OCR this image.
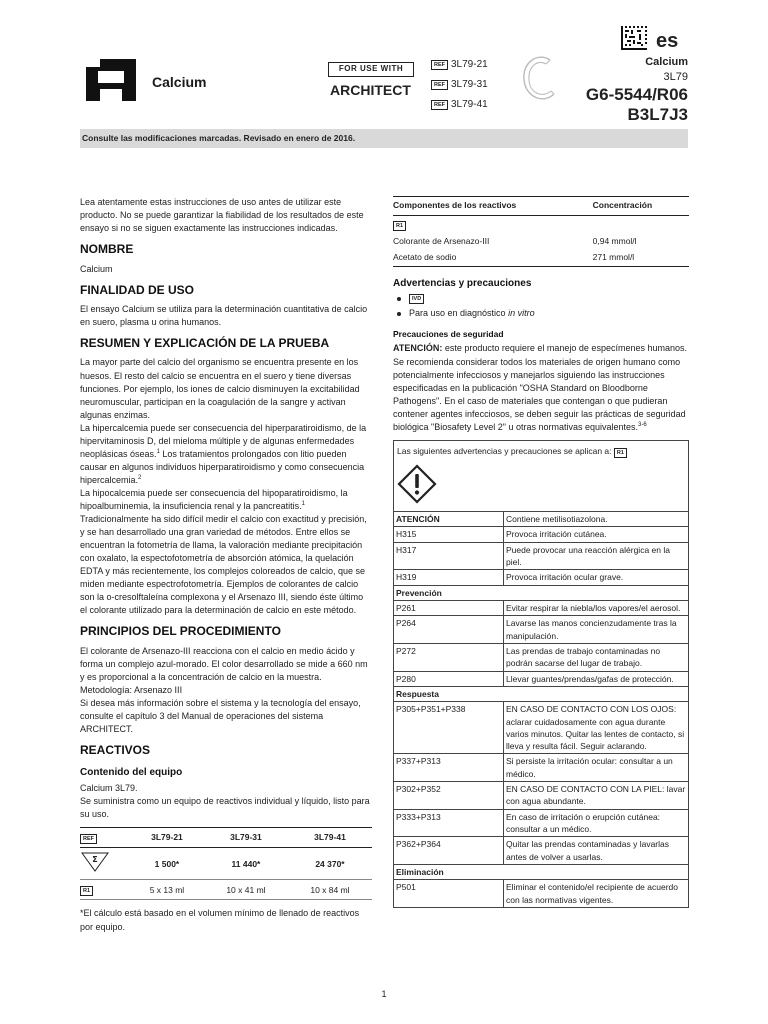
Calcium
FOR USE WITH
ARCHITECT
REF 3L79-21
REF 3L79-31
REF 3L79-41
es
Calcium
3L79
G6-5544/R06
B3L7J3
Consulte las modificaciones marcadas. Revisado en enero de 2016.

Lea atentamente estas instrucciones de uso antes de utilizar este producto. No se puede garantizar la fiabilidad de los resultados de este ensayo si no se siguen exactamente las instrucciones indicadas.

NOMBRE

Calcium

FINALIDAD DE USO

El ensayo Calcium se utiliza para la determinación cuantitativa de calcio en suero, plasma u orina humanos.

RESUMEN Y EXPLICACIÓN DE LA PRUEBA

La mayor parte del calcio del organismo se encuentra presente en los huesos. El resto del calcio se encuentra en el suero y tiene diversas funciones. Por ejemplo, los iones de calcio disminuyen la excitabilidad neuromuscular, participan en la coagulación de la sangre y activan algunas enzimas.

La hipercalcemia puede ser consecuencia del hiperparatiroidismo, de la hipervitaminosis D, del mieloma múltiple y de algunas enfermedades neoplásicas óseas.$^1$ Los tratamientos prolongados con litio pueden causar en algunos individuos hiperparatiroidismo y como consecuencia hipercalcemia.$^2$

La hipocalcemia puede ser consecuencia del hipoparatiroidismo, la hipoalbuminemia, la insuficiencia renal y la pancreatitis.$^1$

Tradicionalmente ha sido difícil medir el calcio con exactitud y precisión, y se han desarrollado una gran variedad de métodos. Entre ellos se encuentran la fotometría de llama, la valoración mediante precipitación con oxalato, la espectofotometría de absorción atómica, la quelación EDTA y más recientemente, los complejos coloreados de calcio, que se miden mediante espectrofotometría. Ejemplos de colorantes de calcio son la o-cresolftaleína complexona y el Arsenazo III, siendo éste último el colorante utilizado para la determinación de calcio en este método.

PRINCIPIOS DEL PROCEDIMIENTO

El colorante de Arsenazo-III reacciona con el calcio en medio ácido y forma un complejo azul-morado. El color desarrollado se mide a 660 nm y es proporcional a la concentración de calcio en la muestra.

Metodología: Arsenazo III

Si desea más información sobre el sistema y la tecnología del ensayo, consulte el capítulo 3 del Manual de operaciones del sistema ARCHITECT.

REACTIVOS
Contenido del equipo

Calcium 3L79.

Se suministra como un equipo de reactivos individual y líquido, listo para su uso.

REF	3L79-21	3L79-31	3L79-41

Σ	1 500*	11 440*	24 370*
R1	5 x 13 ml	10 x 41 ml	10 x 84 ml

*El cálculo está basado en el volumen mínimo de llenado de reactivos por equipo.

Componentes de los reactivos	Concentración
R1	
Colorante de Arsenazo-III	0,94 mmol/l
Acetato de sodio	271 mmol/l
Advertencias y precauciones
IVD
Para uso en diagnóstico in vitro
Precauciones de seguridad

ATENCIÓN: este producto requiere el manejo de especímenes humanos. Se recomienda considerar todos los materiales de origen humano como potencialmente infecciosos y manejarlos siguiendo las instrucciones especificadas en la publicación "OSHA Standard on Bloodborne Pathogens". En el caso de materiales que contengan o que pudieran contener agentes infecciosos, se deben seguir las prácticas de seguridad biológica "Biosafety Level 2" u otras normativas equivalentes.$^{3-6}$

Las siguientes advertencias y precauciones se aplican a: R1	

ATENCIÓN	Contiene metilisotiazolona.
H315	Provoca irritación cutánea.
H317	Puede provocar una reacción alérgica en la piel.
H319	Provoca irritación ocular grave.
Prevención	
P261	Evitar respirar la niebla/los vapores/el aerosol.
P264	Lavarse las manos concienzudamente tras la manipulación.
P272	Las prendas de trabajo contaminadas no podrán sacarse del lugar de trabajo.
P280	Llevar guantes/prendas/gafas de protección.
Respuesta	
P305+P351+P338	EN CASO DE CONTACTO CON LOS OJOS: aclarar cuidadosamente con agua durante varios minutos. Quitar las lentes de contacto, si lleva y resulta fácil. Seguir aclarando.
P337+P313	Si persiste la irritación ocular: consultar a un médico.
P302+P352	EN CASO DE CONTACTO CON LA PIEL: lavar con agua abundante.
P333+P313	En caso de irritación o erupción cutánea: consultar a un médico.
P362+P364	Quitar las prendas contaminadas y lavarlas antes de volver a usarlas.
Eliminación	
P501	Eliminar el contenido/el recipiente de acuerdo con las normativas vigentes.
1
